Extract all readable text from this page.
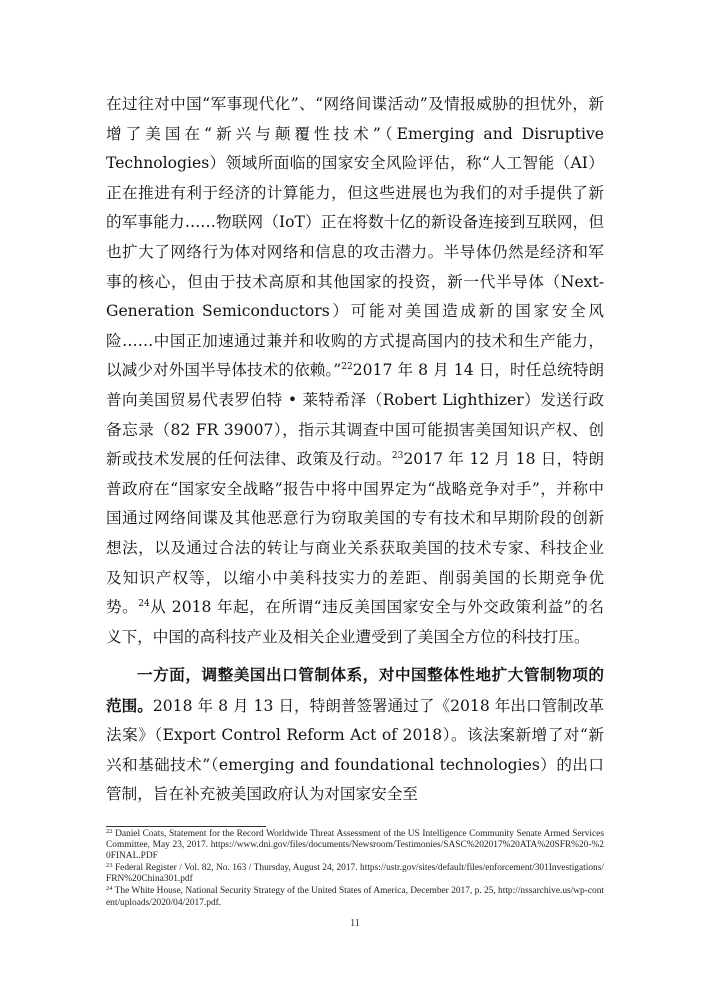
在过往对中国“军事现代化”、“网络间谍活动”及情报威胁的担忧外，新增了美国在“新兴与颠覆性技术”（Emerging and Disruptive Technologies）领域所面临的国家安全风险评估，称“人工智能（AI）正在推进有利于经济的计算能力，但这些进展也为我们的对手提供了新的军事能力……物联网（IoT）正在将数十亿的新设备连接到互联网，但也扩大了网络行为体对网络和信息的攻击潜力。半导体仍然是经济和军事的核心，但由于技术高原和其他国家的投资，新一代半导体（Next-Generation Semiconductors）可能对美国造成新的国家安全风险……中国正加速通过兼并和收购的方式提高国内的技术和生产能力，以减少对外国半导体技术的依赖。”$^{22}$2017 年 8 月 14 日，时任总统特朗普向美国贸易代表罗伯特 • 莱特希泽（Robert Lighthizer）发送行政备忘录（82 FR 39007），指示其调查中国可能损害美国知识产权、创新或技术发展的任何法律、政策及行动。$^{23}$2017 年 12 月 18 日，特朗普政府在“国家安全战略”报告中将中国界定为“战略竞争对手”，并称中国通过网络间谍及其他恶意行为窃取美国的专有技术和早期阶段的创新想法，以及通过合法的转让与商业关系获取美国的技术专家、科技企业及知识产权等，以缩小中美科技实力的差距、削弱美国的长期竞争优势。$^{24}$从 2018 年起，在所谓“违反美国国家安全与外交政策利益”的名义下，中国的高科技产业及相关企业遭受到了美国全方位的科技打压。

一方面，调整美国出口管制体系，对中国整体性地扩大管制物项的范围。2018 年 8 月 13 日，特朗普签署通过了《2018 年出口管制改革法案》（Export Control Reform Act of 2018）。该法案新增了对“新兴和基础技术”（emerging and foundational technologies）的出口管制，旨在补充被美国政府认为对国家安全至

$^{22}$ Daniel Coats, Statement for the Record Worldwide Threat Assessment of the US Intelligence Community Senate Armed Services Committee, May 23, 2017. https://www.dni.gov/files/documents/Newsroom/Testimonies/SASC%202017%20ATA%20SFR%20-%20FINAL.PDF

$^{23}$ Federal Register / Vol. 82, No. 163 / Thursday, August 24, 2017. https://ustr.gov/sites/default/files/enforcement/301Investigations/FRN%20China301.pdf

$^{24}$ The White House, National Security Strategy of the United States of America, December 2017, p. 25, http://nssarchive.us/wp-content/uploads/2020/04/2017.pdf.

11
